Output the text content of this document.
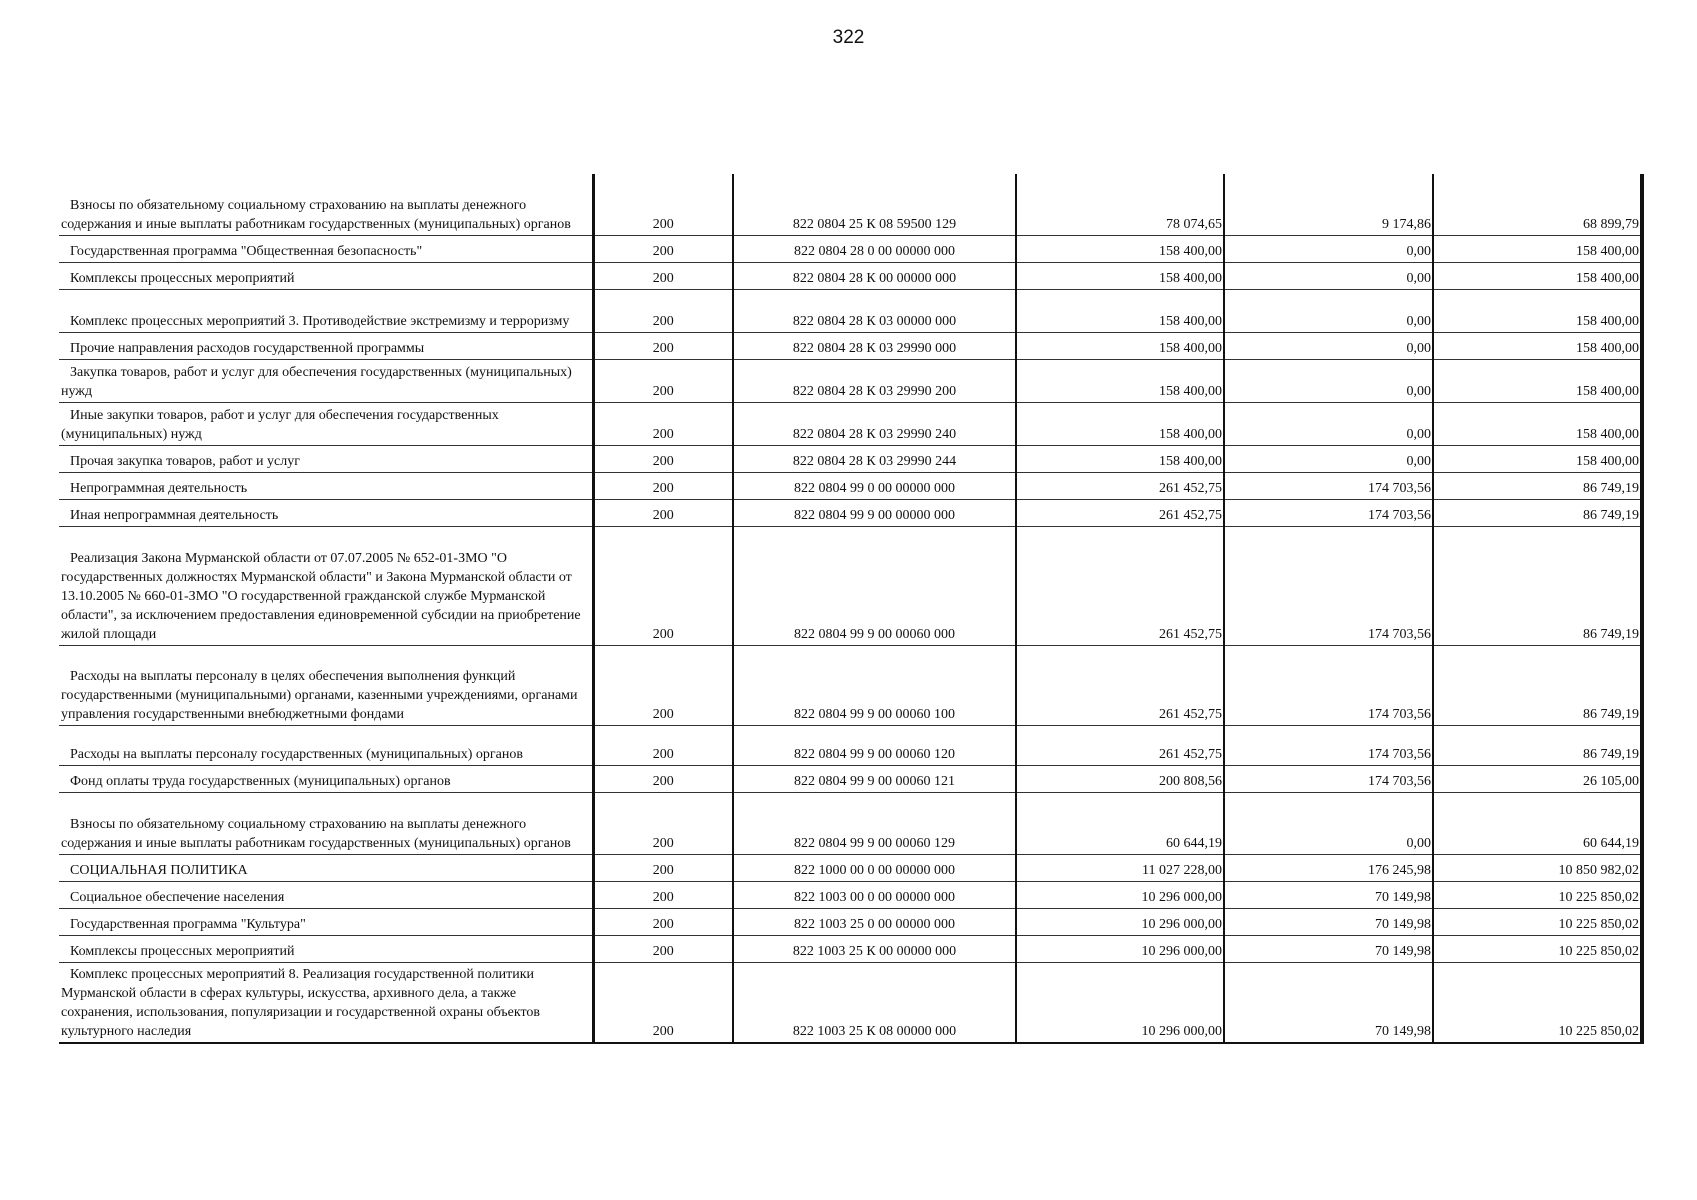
322
Взносы по обязательному социальному страхованию на выплаты денежного содержания и иные выплаты работникам государственных (муниципальных) органов	200	822 0804 25 К 08 59500 129	78 074,65	9 174,86	68 899,79

Государственная программа "Общественная безопасность"	200	822 0804 28 0 00 00000 000	158 400,00	0,00	158 400,00

Комплексы процессных мероприятий	200	822 0804 28 К 00 00000 000	158 400,00	0,00	158 400,00

Комплекс процессных мероприятий 3. Противодействие экстремизму и терроризму	200	822 0804 28 К 03 00000 000	158 400,00	0,00	158 400,00

Прочие направления расходов государственной программы	200	822 0804 28 К 03 29990 000	158 400,00	0,00	158 400,00

Закупка товаров, работ и услуг для обеспечения государственных (муниципальных) нужд	200	822 0804 28 К 03 29990 200	158 400,00	0,00	158 400,00

Иные закупки товаров, работ и услуг для обеспечения государственных (муниципальных) нужд	200	822 0804 28 К 03 29990 240	158 400,00	0,00	158 400,00

Прочая закупка товаров, работ и услуг	200	822 0804 28 К 03 29990 244	158 400,00	0,00	158 400,00

Непрограммная деятельность	200	822 0804 99 0 00 00000 000	261 452,75	174 703,56	86 749,19

Иная непрограммная деятельность	200	822 0804 99 9 00 00000 000	261 452,75	174 703,56	86 749,19

Реализация Закона Мурманской области от 07.07.2005 № 652-01-ЗМО "О государственных должностях Мурманской области" и Закона Мурманской области от 13.10.2005 № 660-01-ЗМО "О государственной гражданской службе Мурманской области", за исключением предоставления единовременной субсидии на приобретение жилой площади	200	822 0804 99 9 00 00060 000	261 452,75	174 703,56	86 749,19

Расходы на выплаты персоналу в целях обеспечения выполнения функций государственными (муниципальными) органами, казенными учреждениями, органами управления государственными внебюджетными фондами	200	822 0804 99 9 00 00060 100	261 452,75	174 703,56	86 749,19

Расходы на выплаты персоналу государственных (муниципальных) органов	200	822 0804 99 9 00 00060 120	261 452,75	174 703,56	86 749,19

Фонд оплаты труда государственных (муниципальных) органов	200	822 0804 99 9 00 00060 121	200 808,56	174 703,56	26 105,00

Взносы по обязательному социальному страхованию на выплаты денежного содержания и иные выплаты работникам государственных (муниципальных) органов	200	822 0804 99 9 00 00060 129	60 644,19	0,00	60 644,19

СОЦИАЛЬНАЯ ПОЛИТИКА	200	822 1000 00 0 00 00000 000	11 027 228,00	176 245,98	10 850 982,02

Социальное обеспечение населения	200	822 1003 00 0 00 00000 000	10 296 000,00	70 149,98	10 225 850,02

Государственная программа "Культура"	200	822 1003 25 0 00 00000 000	10 296 000,00	70 149,98	10 225 850,02

Комплексы процессных мероприятий	200	822 1003 25 К 00 00000 000	10 296 000,00	70 149,98	10 225 850,02

Комплекс процессных мероприятий 8. Реализация государственной политики Мурманской области в сферах культуры, искусства, архивного дела, а также сохранения, использования, популяризации и государственной охраны объектов культурного наследия	200	822 1003 25 К 08 00000 000	10 296 000,00	70 149,98	10 225 850,02
